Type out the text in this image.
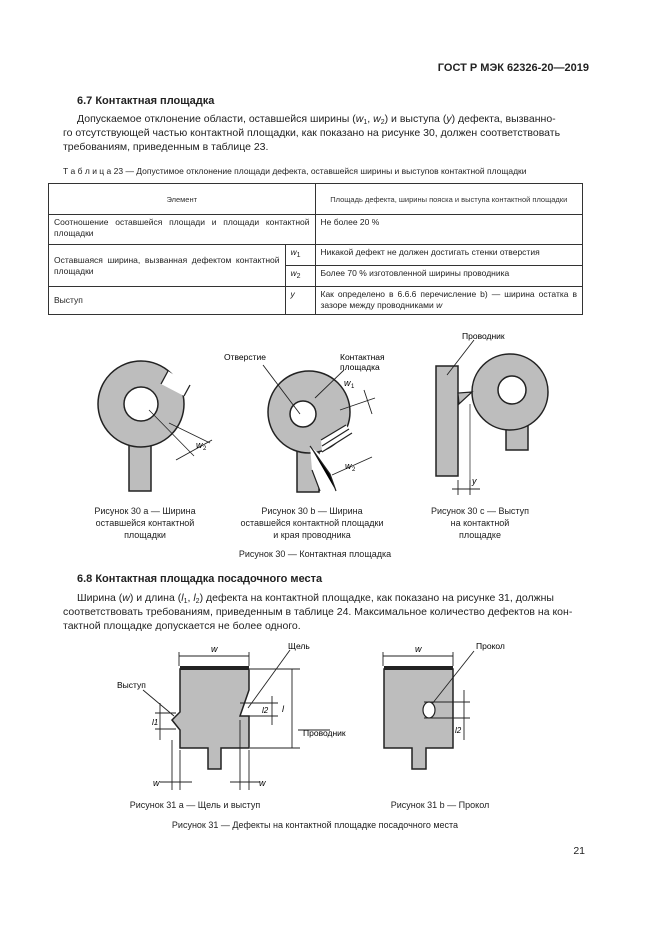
ГОСТ Р МЭК 62326-20—2019
6.7 Контактная площадка
Допускаемое отклонение области, оставшейся ширины ($w_1$, $w_2$) и выступа (y) дефекта, вызванно-
го отсутствующей частью контактной площадки, как показано на рисунке 30, должен соответствовать
требованиям, приведенным в таблице 23.
Т а б л и ц а 23 — Допустимое отклонение площади дефекта, оставшейся ширины и выступов контактной площадки
Элемент		Площадь дефекта, ширины пояска и выступа контактной площадки
Соотношение оставшейся площади и площади контактной площадки		Не более 20 %
Оставшаяся ширина, вызванная дефектом контактной площадки	$w_1$	Никакой дефект не должен достигать стенки отверстия
	$w_2$	Более 70 % изготовленной ширины проводника
Выступ	y	Как определено в 6.6.6 перечисление b) — ширина остатка в зазоре между проводниками w
w 2
Отверстие	Контактная
площадка
w 1
w 2
Проводник
y
Рисунок 30 а — Ширина
оставшейся контактной
площадки
Рисунок 30 b — Ширина
оставшейся контактной площадки
и края проводника
Рисунок 30 с — Выступ
на контактной
площадке
Рисунок 30 — Контактная площадка
6.8 Контактная площадка посадочного места
Ширина (w) и длина ($l_1$, $l_2$) дефекта на контактной площадке, как показано на рисунке 31, должны
соответствовать требованиям, приведенным в таблице 24. Максимальное количество дефектов на кон-
тактной площадке допускается не более одного.
w	Щель
Выступ
Проводник
l
l1
l2
w	w
w	Прокол
l2
Рисунок 31 а — Щель и выступ	Рисунок 31 b — Прокол
Рисунок 31 — Дефекты на контактной площадке посадочного места
21
